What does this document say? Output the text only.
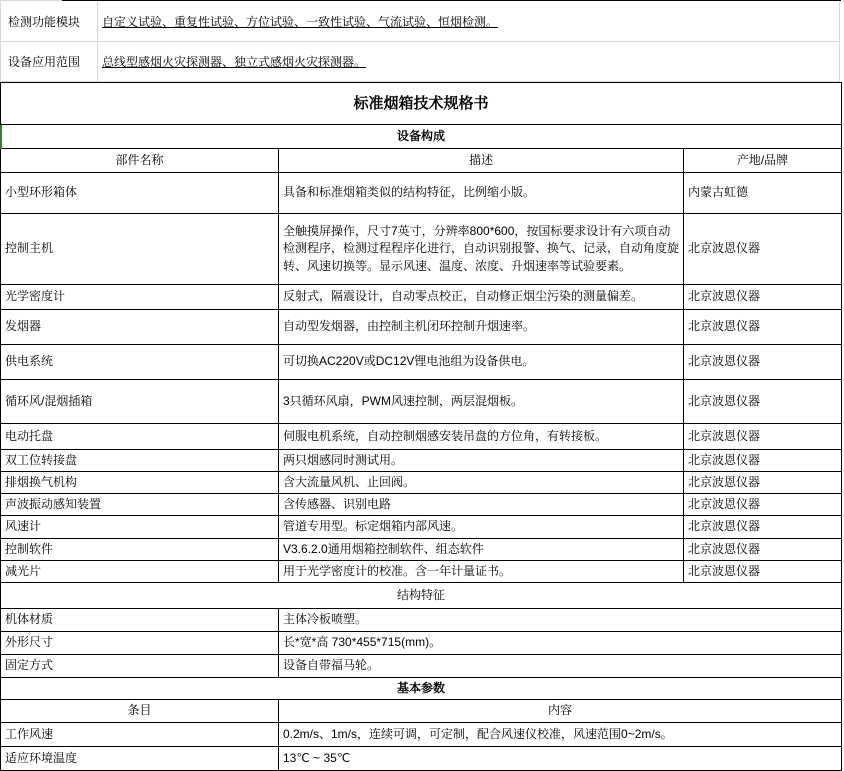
检测功能模块	自定义试验、重复性试验、方位试验、一致性试验、气流试验、恒烟检测。
设备应用范围	总线型感烟火灾探测器、独立式感烟火灾探测器。
标准烟箱技术规格书		
设备构成		
部件名称	描述	产地/品牌
小型环形箱体	具备和标准烟箱类似的结构特征，比例缩小版。	内蒙古虹德
控制主机	全触摸屏操作，尺寸7英寸，分辨率800*600，按国标要求设计有六项自动检测程序，检测过程程序化进行，自动识别报警、换气、记录，自动角度旋转、风速切换等。显示风速、温度、浓度、升烟速率等试验要素。	北京波恩仪器
光学密度计	反射式，隔震设计，自动零点校正，自动修正烟尘污染的测量偏差。	北京波恩仪器
发烟器	自动型发烟器，由控制主机闭环控制升烟速率。	北京波恩仪器
供电系统	可切换AC220V或DC12V锂电池组为设备供电。	北京波恩仪器
循环风/混烟插箱	3只循环风扇，PWM风速控制，两层混烟板。	北京波恩仪器
电动托盘	伺服电机系统，自动控制烟感安装吊盘的方位角，有转接板。	北京波恩仪器
双工位转接盘	两只烟感同时测试用。	北京波恩仪器
排烟换气机构	含大流量风机、止回阀。	北京波恩仪器
声波振动感知装置	含传感器、识别电路	北京波恩仪器
风速计	管道专用型。标定烟箱内部风速。	北京波恩仪器
控制软件	V3.6.2.0通用烟箱控制软件、组态软件	北京波恩仪器
减光片	用于光学密度计的校准。含一年计量证书。	北京波恩仪器
结构特征		
机体材质	主体冷板喷塑。	
外形尺寸	长*宽*高 730*455*715(mm)。	
固定方式	设备自带福马轮。	
基本参数		
条目	内容	
工作风速	0.2m/s、1m/s，连续可调，可定制，配合风速仪校准，风速范围0~2m/s。	
适应环境温度	13℃ ~ 35℃	
